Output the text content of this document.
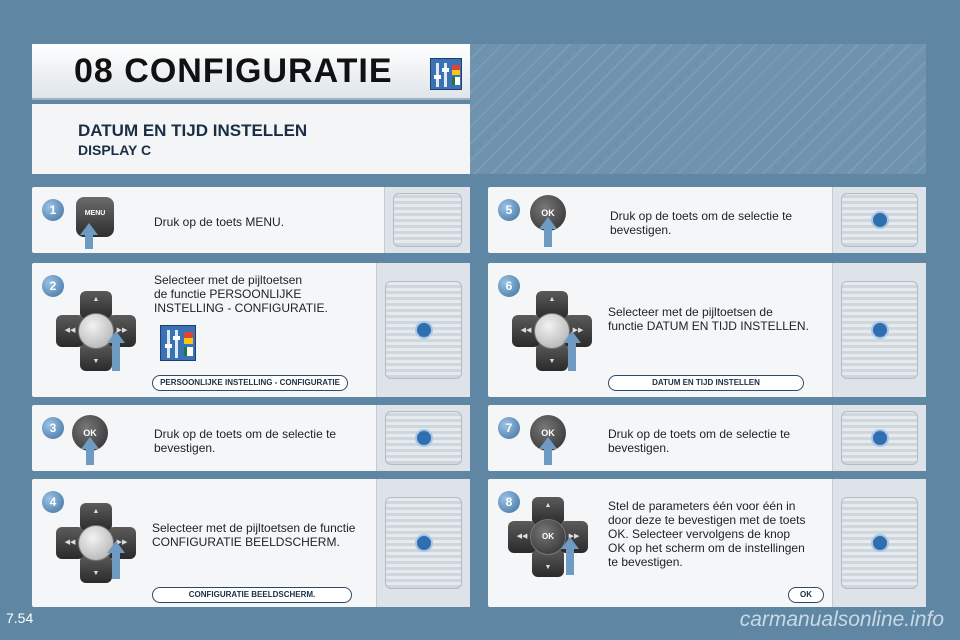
08 CONFIGURATIE
DATUM EN TIJD INSTELLEN
DISPLAY C
1	MENU
Druk op de toets MENU.
2
▲
▼
◀◀	▶▶
Selecteer met de pijltoetsen
de functie PERSOONLIJKE
INSTELLING - CONFIGURATIE.
PERSOONLIJKE INSTELLING - CONFIGURATIE
3	OK	Druk op de toets om de selectie te
bevestigen.
4
▲
▼
◀◀	▶▶
Selecteer met de pijltoetsen de functie
CONFIGURATIE BEELDSCHERM.
CONFIGURATIE BEELDSCHERM.
5	OK	Druk op de toets om de selectie te
bevestigen.
6
▲
▼
◀◀	▶▶
Selecteer met de pijltoetsen de
functie DATUM EN TIJD INSTELLEN.
DATUM EN TIJD INSTELLEN
7	OK	Druk op de toets om de selectie te
bevestigen.
8	▲
▼
◀◀	▶▶
OK
Stel de parameters één voor één in
door deze te bevestigen met de toets
OK. Selecteer vervolgens de knop
OK op het scherm om de instellingen
te bevestigen.
OK
7.54	carmanualsonline.info
